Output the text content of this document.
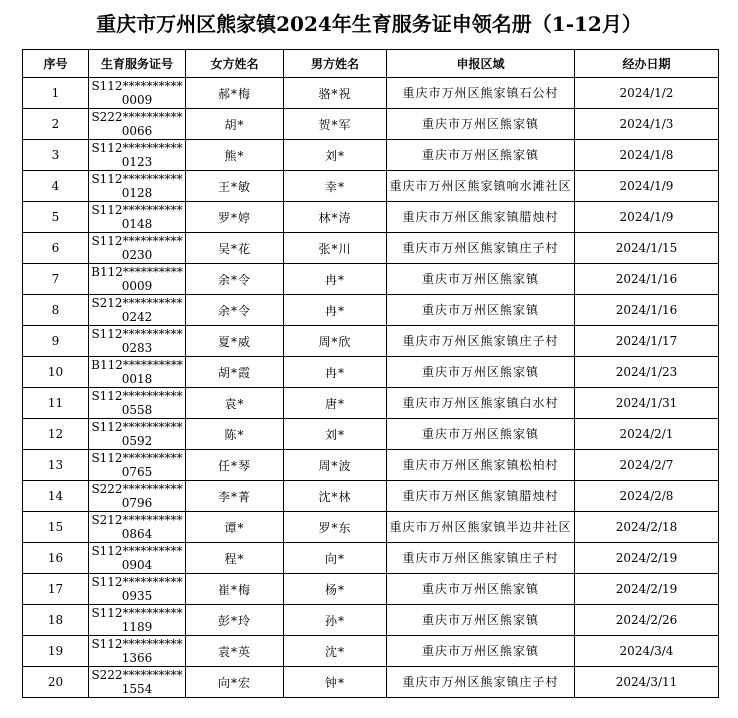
重庆市万州区熊家镇2024年生育服务证申领名册（1-12月）
序号	生育服务证号	女方姓名	男方姓名	申报区域	经办日期
1	S112**********0009	郝*梅	骆*祝	重庆市万州区熊家镇石公村	2024/1/2
2	S222**********0066	胡*	贺*军	重庆市万州区熊家镇	2024/1/3
3	S112**********0123	熊*	刘*	重庆市万州区熊家镇	2024/1/8
4	S112**********0128	王*敏	幸*	重庆市万州区熊家镇响水滩社区	2024/1/9
5	S112**********0148	罗*婷	林*涛	重庆市万州区熊家镇腊烛村	2024/1/9
6	S112**********0230	吴*花	张*川	重庆市万州区熊家镇庄子村	2024/1/15
7	B112**********0009	余*令	冉*	重庆市万州区熊家镇	2024/1/16
8	S212**********0242	余*令	冉*	重庆市万州区熊家镇	2024/1/16
9	S112**********0283	夏*威	周*欣	重庆市万州区熊家镇庄子村	2024/1/17
10	B112**********0018	胡*霞	冉*	重庆市万州区熊家镇	2024/1/23
11	S112**********0558	袁*	唐*	重庆市万州区熊家镇白水村	2024/1/31
12	S112**********0592	陈*	刘*	重庆市万州区熊家镇	2024/2/1
13	S112**********0765	任*琴	周*波	重庆市万州区熊家镇松柏村	2024/2/7
14	S222**********0796	李*菁	沈*林	重庆市万州区熊家镇腊烛村	2024/2/8
15	S212**********0864	谭*	罗*东	重庆市万州区熊家镇半边井社区	2024/2/18
16	S112**********0904	程*	向*	重庆市万州区熊家镇庄子村	2024/2/19
17	S112**********0935	崔*梅	杨*	重庆市万州区熊家镇	2024/2/19
18	S112**********1189	彭*玲	孙*	重庆市万州区熊家镇	2024/2/26
19	S112**********1366	袁*英	沈*	重庆市万州区熊家镇	2024/3/4
20	S222**********1554	向*宏	钟*	重庆市万州区熊家镇庄子村	2024/3/11
